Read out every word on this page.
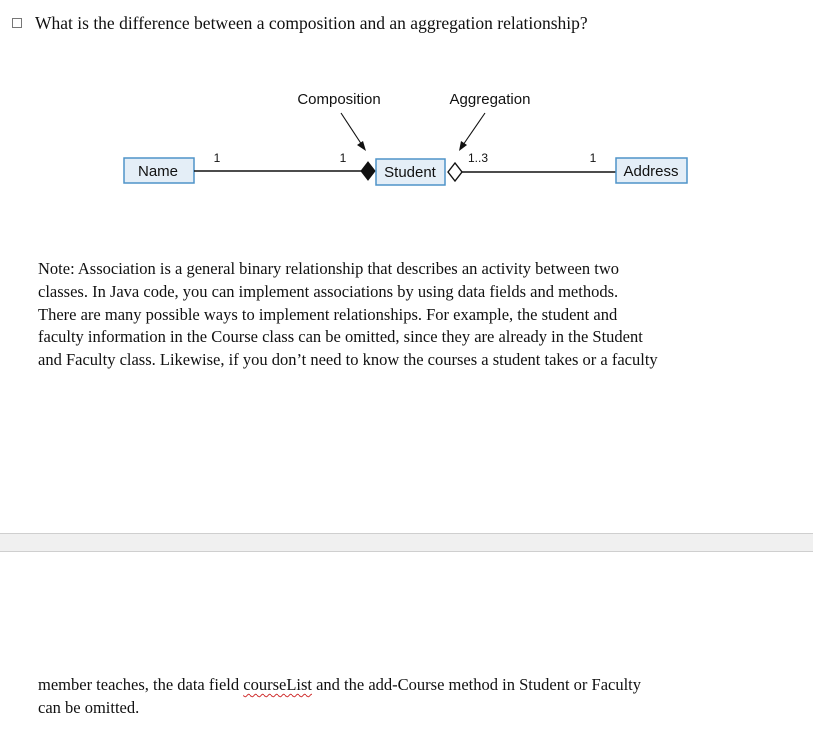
What is the difference between a composition and an aggregation relationship?
Name	Student	Address
Composition	Aggregation
1	1	1..3	1

Note: Association is a general binary relationship that describes an activity between two
classes. In Java code, you can implement associations by using data fields and methods.
There are many possible ways to implement relationships. For example, the student and
faculty information in the Course class can be omitted, since they are already in the Student
and Faculty class. Likewise, if you don’t need to know the courses a student takes or a faculty

member teaches, the data field courseList and the add-Course method in Student or Faculty
can be omitted.
